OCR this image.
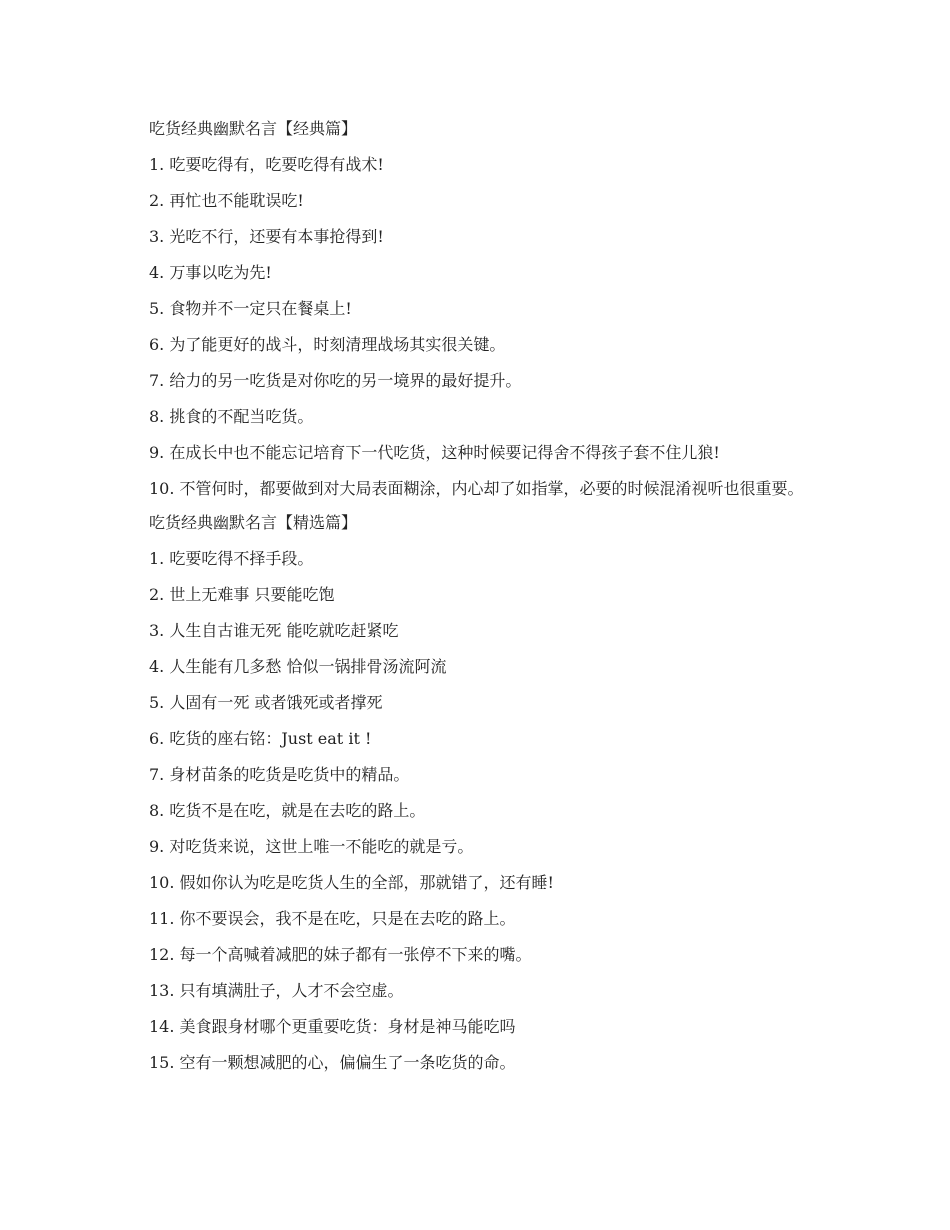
吃货经典幽默名言【经典篇】

1. 吃要吃得有，吃要吃得有战术!

2. 再忙也不能耽误吃!

3. 光吃不行，还要有本事抢得到!

4. 万事以吃为先!

5. 食物并不一定只在餐桌上!

6. 为了能更好的战斗，时刻清理战场其实很关键。

7. 给力的另一吃货是对你吃的另一境界的最好提升。

8. 挑食的不配当吃货。

9. 在成长中也不能忘记培育下一代吃货，这种时候要记得舍不得孩子套不住儿狼!

10. 不管何时，都要做到对大局表面糊涂，内心却了如指掌，必要的时候混淆视听也很重要。

吃货经典幽默名言【精选篇】

1. 吃要吃得不择手段。

2. 世上无难事 只要能吃饱

3. 人生自古谁无死 能吃就吃赶紧吃

4. 人生能有几多愁 恰似一锅排骨汤流阿流

5. 人固有一死 或者饿死或者撑死

6. 吃货的座右铭：Just eat it !

7. 身材苗条的吃货是吃货中的精品。

8. 吃货不是在吃，就是在去吃的路上。

9. 对吃货来说，这世上唯一不能吃的就是亏。

10. 假如你认为吃是吃货人生的全部，那就错了，还有睡!

11. 你不要误会，我不是在吃，只是在去吃的路上。

12. 每一个高喊着减肥的妹子都有一张停不下来的嘴。

13. 只有填满肚子，人才不会空虚。

14. 美食跟身材哪个更重要吃货：身材是神马能吃吗

15. 空有一颗想减肥的心，偏偏生了一条吃货的命。
